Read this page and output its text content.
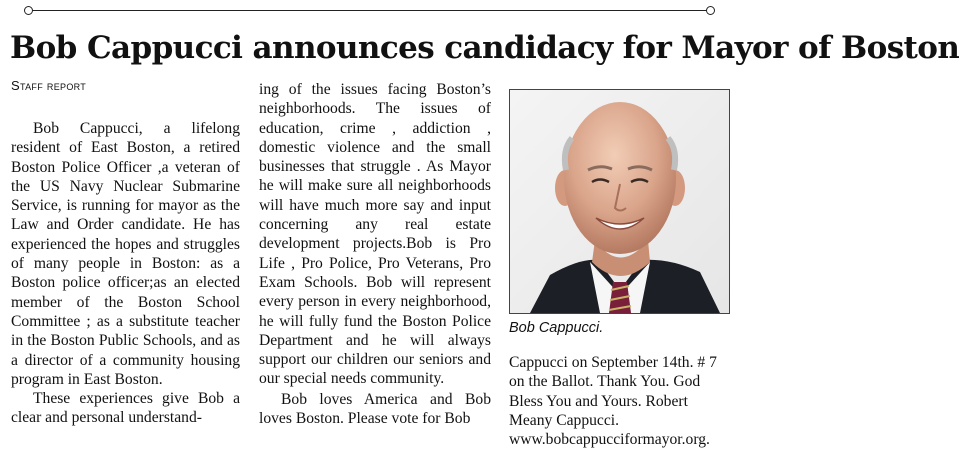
Bob Cappucci announces candidacy for Mayor of Boston
Staff report

Bob Cappucci, a lifelong resident of East Boston, a retired Boston Police Officer ,a veteran of the US Navy Nuclear Submarine Service, is running for mayor as the Law and Order candidate. He has experienced the hopes and struggles of many people in Boston: as a Boston police officer;as an elected member of the Boston School Committee ; as a substitute teacher in the Boston Public Schools, and as a director of a community housing program in East Boston.

These experiences give Bob a clear and personal understand-

ing of the issues facing Boston’s neighborhoods. The issues of education, crime , addiction , domestic violence and the small businesses that struggle . As Mayor he will make sure all neighborhoods will have much more say and input concerning any real estate development projects.Bob is Pro Life , Pro Police, Pro Veterans, Pro Exam Schools. Bob will represent every person in every neighborhood, he will fully fund the Boston Police Department and he will always support our children our seniors and our special needs community.

Bob loves America and Bob loves Boston. Please vote for Bob

Bob Cappucci.

Cappucci on September 14th. # 7 on the Ballot. Thank You. God Bless You and Yours. Robert Meany Cappucci. www.bobcappucciformayor.org.
